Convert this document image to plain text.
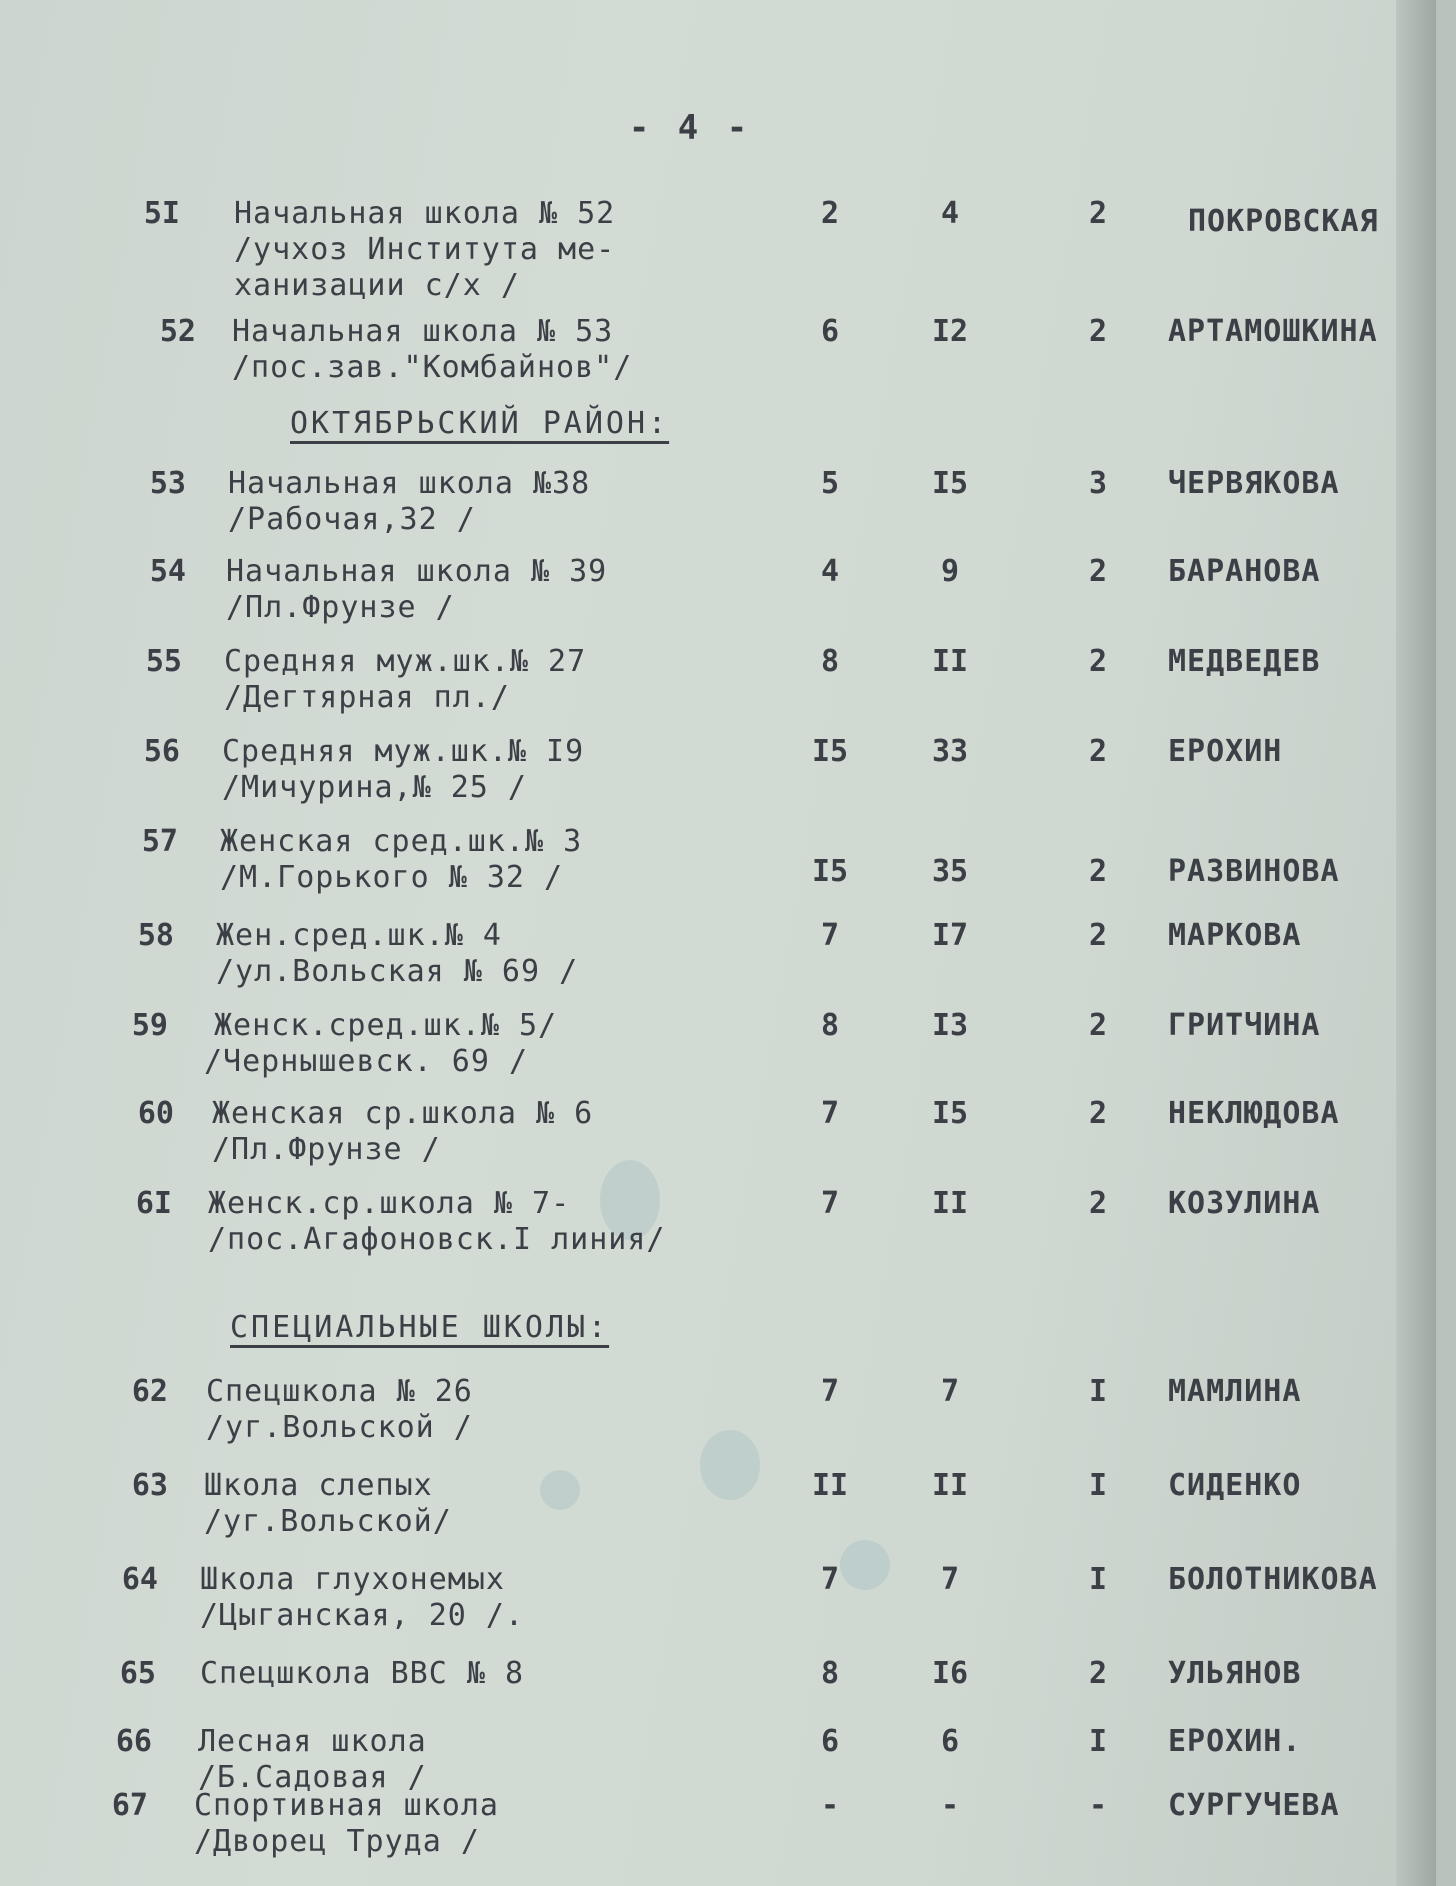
- 4 -
5I Начальная школа № 52
/учхоз Института ме-
ханизации с/х /
2	4	2	ПОКРОВСКАЯ
52 Начальная школа № 53
/пос.зав."Комбайнов"/
6	I2	2	АРТАМОШКИНА
ОКТЯБРЬСКИЙ РАЙОН:
53 Начальная школа №38
/Рабочая,32 /
5	I5	3	ЧЕРВЯКОВА
54 Начальная школа № 39
/Пл.Фрунзе /
4	9	2	БАРАНОВА
55 Средняя муж.шк.№ 27
/Дегтярная пл./
8	II	2	МЕДВЕДЕВ
56 Средняя муж.шк.№ I9
/Мичурина,№ 25 /
I5	33	2	ЕРОХИН
57 Женская сред.шк.№ 3
/М.Горького № 32 /	I5	35	2	РАЗВИНОВА
58 Жен.сред.шк.№ 4
/ул.Вольская № 69 /
7	I7	2	МАРКОВА
59	Женск.сред.шк.№ 5/
/Чернышевск. 69 /
8	I3	2	ГРИТЧИНА
60 Женская ср.школа № 6
/Пл.Фрунзе /
7	I5	2	НЕКЛЮДОВА
6I Женск.ср.школа № 7-
/пос.Агафоновск.I линия/
7	II	2	КОЗУЛИНА
СПЕЦИАЛЬНЫЕ ШКОЛЫ:
62 Спецшкола № 26
/уг.Вольской /
7	7	I	МАМЛИНА
63 Школа слепых
/уг.Вольской/
II	II	I	СИДЕНКО
64 Школа глухонемых
/Цыганская, 20 /.
7	7	I	БОЛОТНИКОВА
65 Спецшкола ВВС № 8	8	I6	2	УЛЬЯНОВ
66 Лесная школа
/Б.Садовая /
6	6	I	ЕРОХИН.
67 Спортивная школа
/Дворец Труда /
-	-	-	СУРГУЧЕВА
